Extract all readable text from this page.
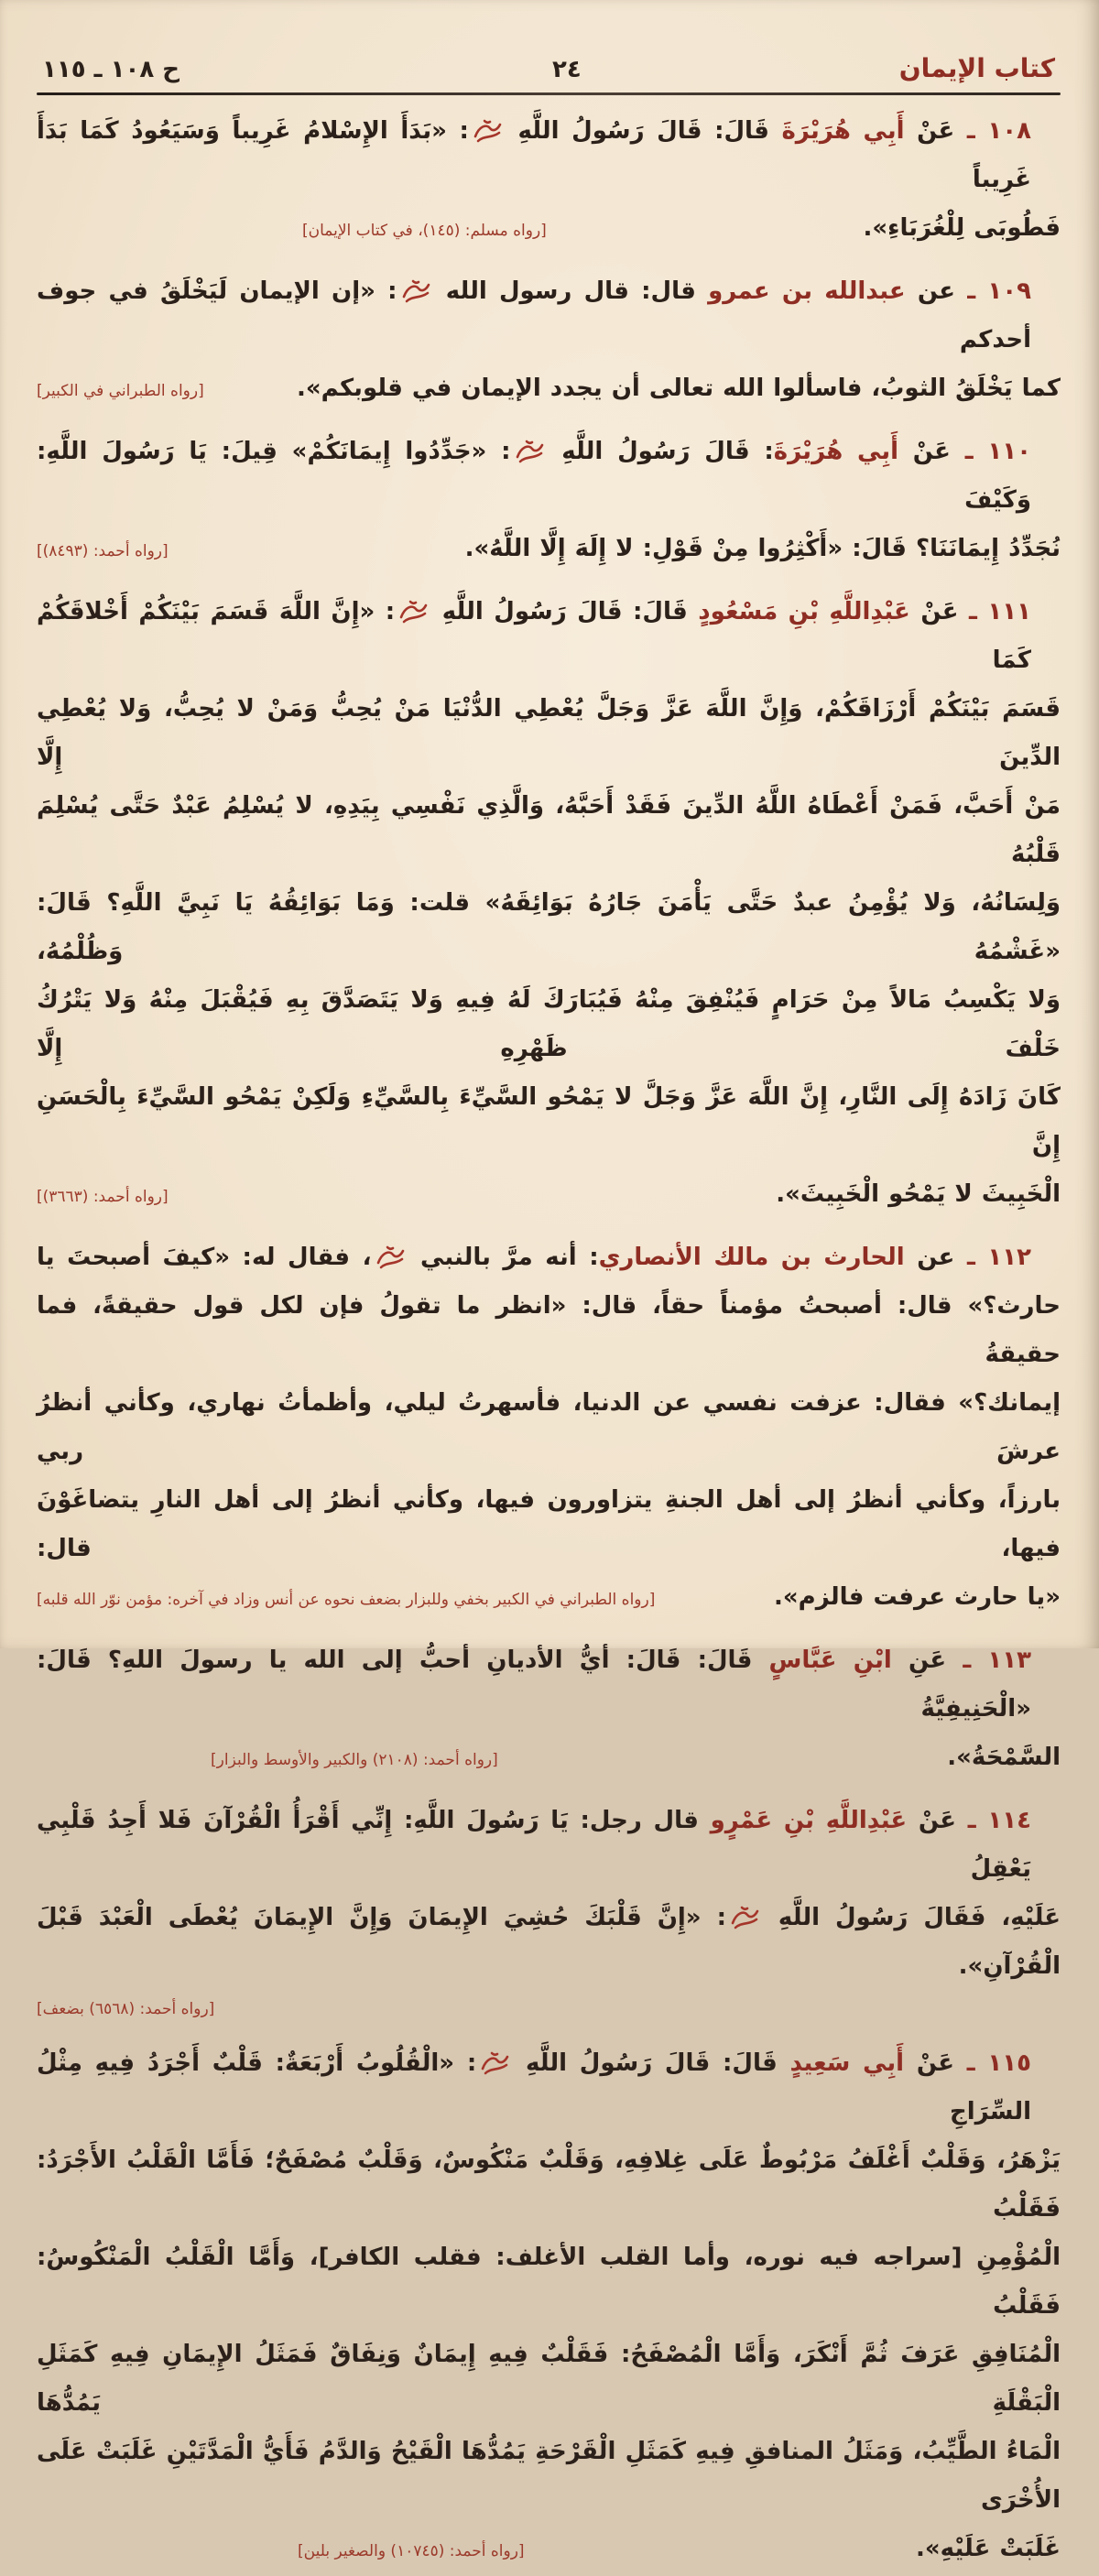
كتاب الإيمان
٢٤
ح ١٠٨ ـ ١١٥
١٠٨ ـ عَنْ أَبِي هُرَيْرَةَ قَالَ: قَالَ رَسُولُ اللَّهِ : «بَدَأَ الإِسْلامُ غَرِيباً وَسَيَعُودُ كَمَا بَدَأَ غَرِيباً
فَطُوبَى لِلْغُرَبَاءِ».
[رواه مسلم: (١٤٥)، في كتاب الإيمان]
١٠٩ ـ عن عبدالله بن عمرو قال: قال رسول الله : «إن الإيمان لَيَخْلَقُ في جوف أحدكم
كما يَخْلَقُ الثوبُ، فاسألوا الله تعالى أن يجدد الإيمان في قلوبكم».
[رواه الطبراني في الكبير]
١١٠ ـ عَنْ أَبِي هُرَيْرَةَ: قَالَ رَسُولُ اللَّهِ : «جَدِّدُوا إِيمَانَكُمْ» قِيلَ: يَا رَسُولَ اللَّهِ: وَكَيْفَ
نُجَدِّدُ إِيمَانَنَا؟ قَالَ: «أَكْثِرُوا مِنْ قَوْلِ: لا إِلَهَ إِلَّا اللَّهُ».
[رواه أحمد: (٨٤٩٣)]
١١١ ـ عَنْ عَبْدِاللَّهِ بْنِ مَسْعُودٍ قَالَ: قَالَ رَسُولُ اللَّهِ : «إِنَّ اللَّهَ قَسَمَ بَيْنَكُمْ أَخْلاقَكُمْ كَمَا
قَسَمَ بَيْنَكُمْ أَرْزَاقَكُمْ، وَإِنَّ اللَّهَ عَزَّ وَجَلَّ يُعْطِي الدُّنْيَا مَنْ يُحِبُّ وَمَنْ لا يُحِبُّ، وَلا يُعْطِي الدِّينَ إِلَّا
مَنْ أَحَبَّ، فَمَنْ أَعْطَاهُ اللَّهُ الدِّينَ فَقَدْ أَحَبَّهُ، وَالَّذِي نَفْسِي بِيَدِهِ، لا يُسْلِمُ عَبْدٌ حَتَّى يُسْلِمَ قَلْبُهُ
وَلِسَانُهُ، وَلا يُؤْمِنُ عبدٌ حَتَّى يَأْمَنَ جَارُهُ بَوَائِقَهُ» قلت: وَمَا بَوَائِقُهُ يَا نَبِيَّ اللَّهِ؟ قَالَ: «غَشْمُهُ وَظُلْمُهُ،
وَلا يَكْسِبُ مَالاً مِنْ حَرَامٍ فَيُنْفِقَ مِنْهُ فَيُبَارَكَ لَهُ فِيهِ وَلا يَتَصَدَّقَ بِهِ فَيُقْبَلَ مِنْهُ وَلا يَتْرُكُ خَلْفَ ظَهْرِهِ إِلَّا
كَانَ زَادَهُ إِلَى النَّارِ، إِنَّ اللَّهَ عَزَّ وَجَلَّ لا يَمْحُو السَّيِّءَ بِالسَّيِّءِ وَلَكِنْ يَمْحُو السَّيِّءَ بِالْحَسَنِ إِنَّ
الْخَبِيثَ لا يَمْحُو الْخَبِيثَ».
[رواه أحمد: (٣٦٦٣)]
١١٢ ـ عن الحارث بن مالك الأنصاري: أنه مرَّ بالنبي ، فقال له: «كيفَ أصبحتَ يا
حارث؟» قال: أصبحتُ مؤمناً حقاً، قال: «انظر ما تقولُ فإن لكل قول حقيقةً، فما حقيقةُ
إيمانك؟» فقال: عزفت نفسي عن الدنيا، فأسهرتُ ليلي، وأظمأتُ نهاري، وكأني أنظرُ عرشَ ربي
بارزاً، وكأني أنظرُ إلى أهل الجنةِ يتزاورون فيها، وكأني أنظرُ إلى أهل النارِ يتضاغَوْنَ فيها، قال:
«يا حارث عرفت فالزم».
[رواه الطبراني في الكبير بخفي وللبزار بضعف نحوه عن أنس وزاد في آخره: مؤمن نوّر الله قلبه]
١١٣ ـ عَنِ ابْنِ عَبَّاسٍ قَالَ: قَالَ: أيُّ الأديانِ أحبُّ إلى الله يا رسولَ اللهِ؟ قَالَ: «الْحَنِيفِيَّةُ
السَّمْحَةُ».
[رواه أحمد: (٢١٠٨) والكبير والأوسط والبزار]
١١٤ ـ عَنْ عَبْدِاللَّهِ بْنِ عَمْرٍو قال رجل: يَا رَسُولَ اللَّهِ: إِنِّي أَقْرَأُ الْقُرْآنَ فَلا أَجِدُ قَلْبِي يَعْقِلُ
عَلَيْهِ، فَقَالَ رَسُولُ اللَّهِ : «إِنَّ قَلْبَكَ حُشِيَ الإِيمَانَ وَإِنَّ الإِيمَانَ يُعْطَى الْعَبْدَ قَبْلَ الْقُرْآنِ».
[رواه أحمد: (٦٥٦٨) بضعف]
١١٥ ـ عَنْ أَبِي سَعِيدٍ قَالَ: قَالَ رَسُولُ اللَّهِ : «الْقُلُوبُ أَرْبَعَةٌ: قَلْبٌ أَجْرَدُ فِيهِ مِثْلُ السِّرَاجِ
يَزْهَرُ، وَقَلْبٌ أَغْلَفُ مَرْبُوطٌ عَلَى غِلافِهِ، وَقَلْبٌ مَنْكُوسٌ، وَقَلْبٌ مُصْفَحٌ؛ فَأَمَّا الْقَلْبُ الأَجْرَدُ: فَقَلْبُ
الْمُؤْمِنِ [سراجه فيه نوره، وأما القلب الأغلف: فقلب الكافر]، وَأَمَّا الْقَلْبُ الْمَنْكُوسُ: فَقَلْبُ
الْمُنَافِقِ عَرَفَ ثُمَّ أَنْكَرَ، وَأَمَّا الْمُصْفَحُ: فَقَلْبٌ فِيهِ إِيمَانٌ وَنِفَاقٌ فَمَثَلُ الإِيمَانِ فِيهِ كَمَثَلِ الْبَقْلَةِ يَمُدُّهَا
الْمَاءُ الطَّيِّبُ، وَمَثَلُ المنافقِ فِيهِ كَمَثَلِ الْقَرْحَةِ يَمُدُّهَا الْقَيْحُ وَالدَّمُ فَأَيُّ الْمَدَّتَيْنِ غَلَبَتْ عَلَى الأُخْرَى
غَلَبَتْ عَلَيْهِ».
[رواه أحمد: (١٠٧٤٥) والصغير بلين]
